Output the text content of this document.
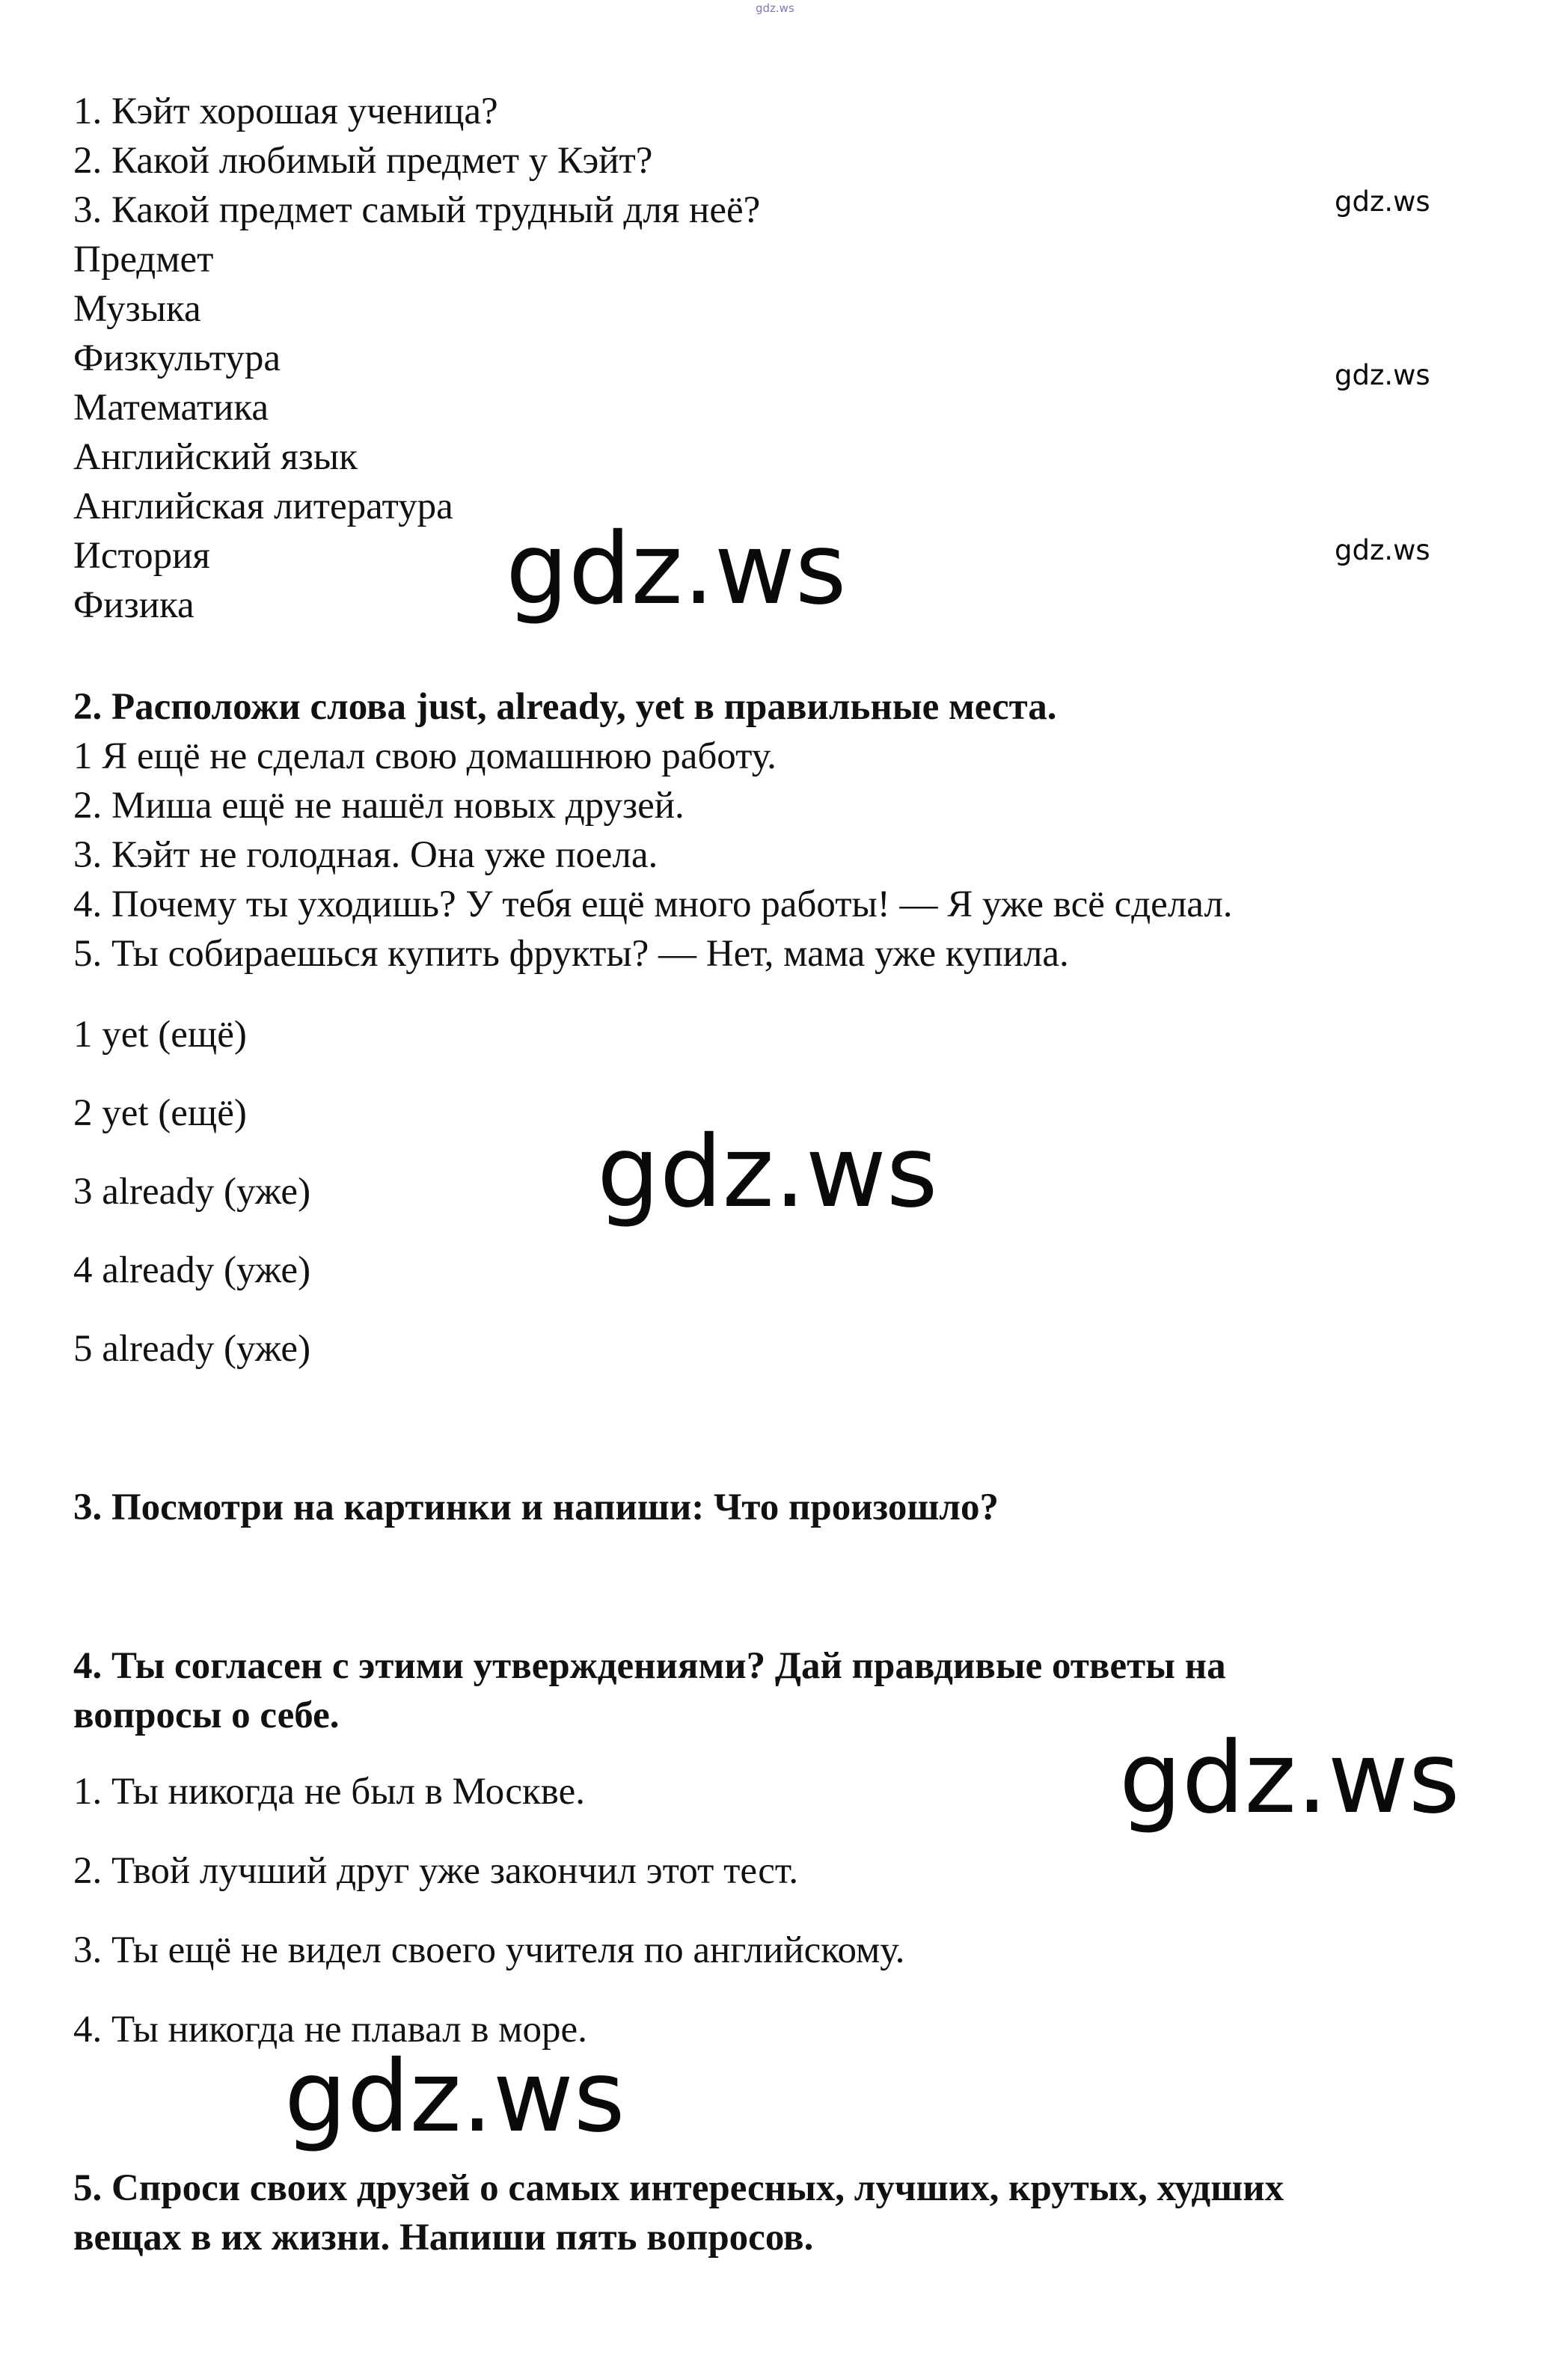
gdz.ws
1. Кэйт хорошая ученица?
2. Какой любимый предмет у Кэйт?
3. Какой предмет самый трудный для неё?
Предмет
Музыка
Физкультура
Математика
Английский язык
Английская литература
История
Физика
gdz.ws
gdz.ws
gdz.ws
gdz.ws
2. Расположи слова just, already, yet в правильные места.
1 Я ещё не сделал свою домашнюю работу.
2. Миша ещё не нашёл новых друзей.
3. Кэйт не голодная. Она уже поела.
4. Почему ты уходишь? У тебя ещё много работы! — Я уже всё сделал.
5. Ты собираешься купить фрукты? — Нет, мама уже купила.
1 yet (ещё)
2 yet (ещё)
3 already (уже)
4 already (уже)
5 already (уже)
gdz.ws
3. Посмотри на картинки и напиши: Что произошло?
4. Ты согласен с этими утверждениями? Дай правдивые ответы на
вопросы о себе.
1. Ты никогда не был в Москве.
2. Твой лучший друг уже закончил этот тест.
3. Ты ещё не видел своего учителя по английскому.
4. Ты никогда не плавал в море.
gdz.ws
gdz.ws
5. Спроси своих друзей о самых интересных, лучших, крутых, худших
вещах в их жизни. Напиши пять вопросов.
